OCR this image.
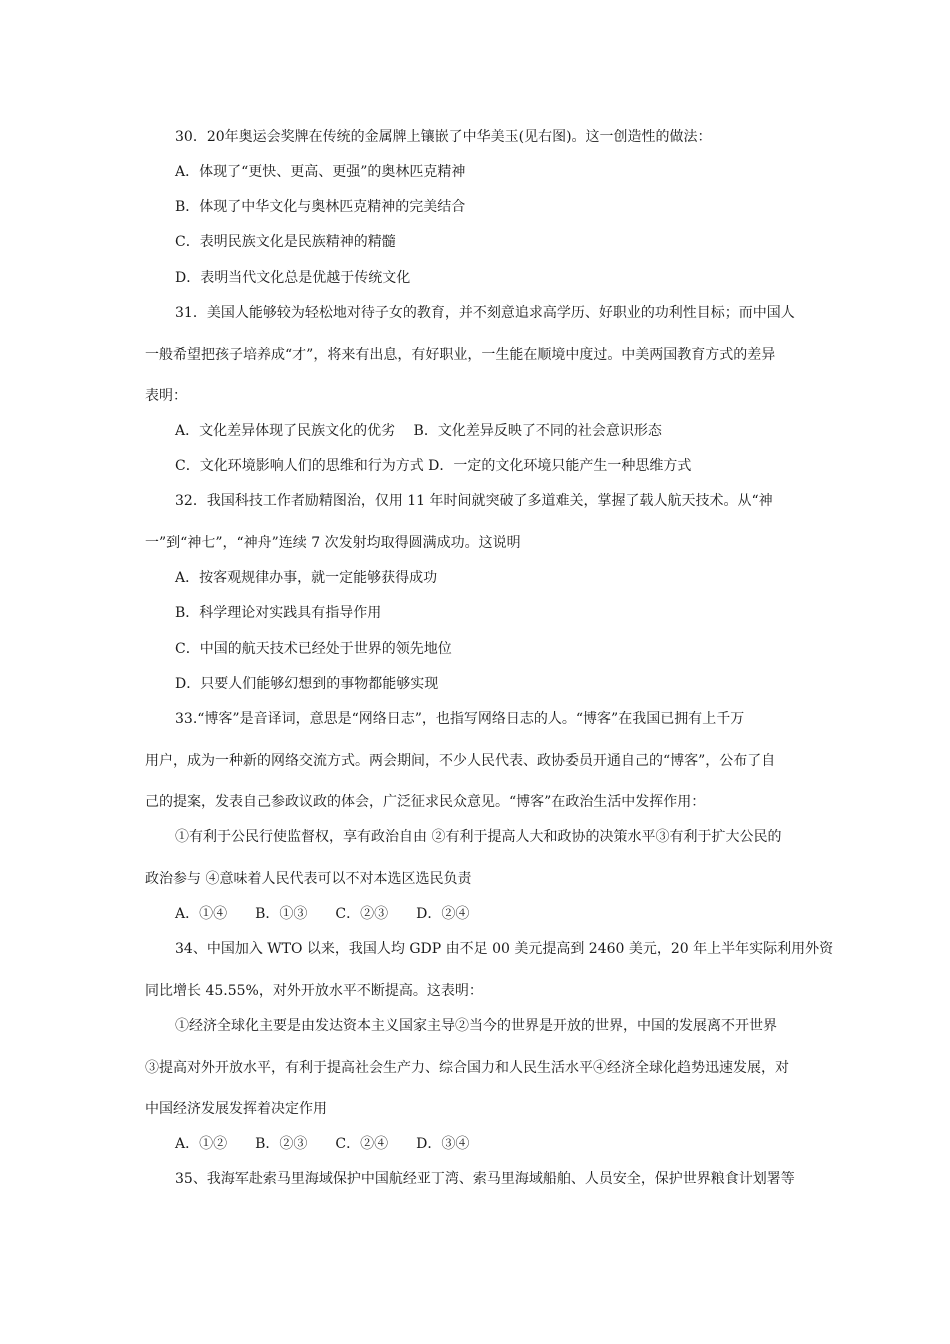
30．20年奥运会奖牌在传统的金属牌上镶嵌了中华美玉(见右图)。这一创造性的做法：
A．体现了“更快、更高、更强”的奥林匹克精神
B．体现了中华文化与奥林匹克精神的完美结合
C．表明民族文化是民族精神的精髓
D．表明当代文化总是优越于传统文化
31．美国人能够较为轻松地对待子女的教育，并不刻意追求高学历、好职业的功利性目标；而中国人
一般希望把孩子培养成“才”，将来有出息，有好职业，一生能在顺境中度过。中美两国教育方式的差异
表明：
A．文化差异体现了民族文化的优劣　 B．文化差异反映了不同的社会意识形态
C．文化环境影响人们的思维和行为方式 D．一定的文化环境只能产生一种思维方式
32．我国科技工作者励精图治，仅用 11 年时间就突破了多道难关，掌握了载人航天技术。从“神
一”到“神七”，“神舟”连续 7 次发射均取得圆满成功。这说明
A．按客观规律办事，就一定能够获得成功
B．科学理论对实践具有指导作用
C．中国的航天技术已经处于世界的领先地位
D．只要人们能够幻想到的事物都能够实现
33.“博客”是音译词，意思是“网络日志”，也指写网络日志的人。“博客”在我国已拥有上千万
用户，成为一种新的网络交流方式。两会期间，不少人民代表、政协委员开通自己的“博客”，公布了自
己的提案，发表自己参政议政的体会，广泛征求民众意见。“博客”在政治生活中发挥作用：
①有利于公民行使监督权，享有政治自由 ②有利于提高人大和政协的决策水平③有利于扩大公民的
政治参与 ④意味着人民代表可以不对本选区选民负责
A．①④　　B．①③　　C．②③　　D．②④
34、中国加入 WTO 以来，我国人均 GDP 由不足 00 美元提高到 2460 美元，20 年上半年实际利用外资
同比增长 45.55%，对外开放水平不断提高。这表明：
①经济全球化主要是由发达资本主义国家主导②当今的世界是开放的世界，中国的发展离不开世界
③提高对外开放水平，有利于提高社会生产力、综合国力和人民生活水平④经济全球化趋势迅速发展，对
中国经济发展发挥着决定作用
A．①②　　B．②③　　C．②④　　D．③④
35、我海军赴索马里海域保护中国航经亚丁湾、索马里海域船舶、人员安全，保护世界粮食计划署等
